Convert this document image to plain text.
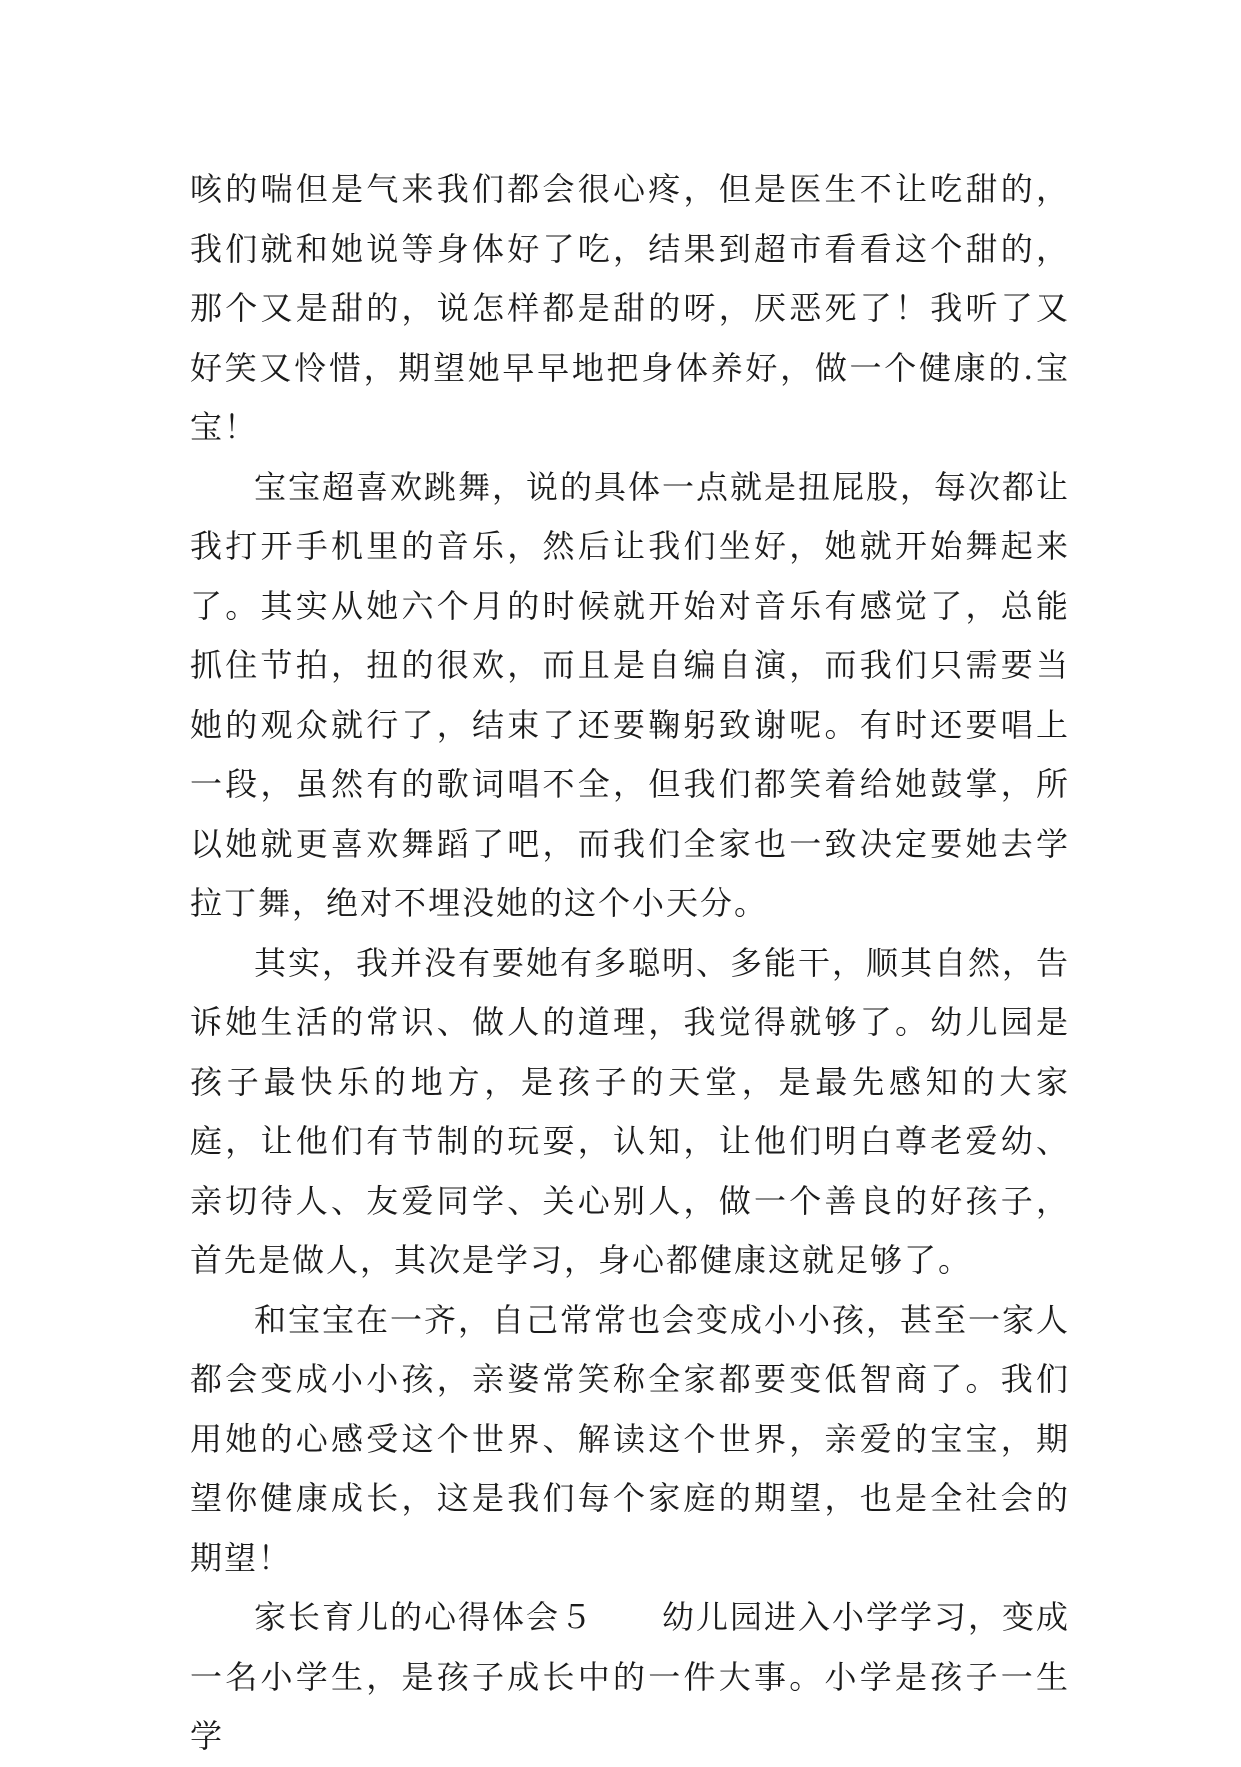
咳的喘但是气来我们都会很心疼，但是医生不让吃甜的，我们就和她说等身体好了吃，结果到超市看看这个甜的，那个又是甜的，说怎样都是甜的呀，厌恶死了！我听了又好笑又怜惜，期望她早早地把身体养好，做一个健康的.宝宝！

宝宝超喜欢跳舞，说的具体一点就是扭屁股，每次都让我打开手机里的音乐，然后让我们坐好，她就开始舞起来了。其实从她六个月的时候就开始对音乐有感觉了，总能抓住节拍，扭的很欢，而且是自编自演，而我们只需要当她的观众就行了，结束了还要鞠躬致谢呢。有时还要唱上一段，虽然有的歌词唱不全，但我们都笑着给她鼓掌，所以她就更喜欢舞蹈了吧，而我们全家也一致决定要她去学拉丁舞，绝对不埋没她的这个小天分。

其实，我并没有要她有多聪明、多能干，顺其自然，告诉她生活的常识、做人的道理，我觉得就够了。幼儿园是孩子最快乐的地方，是孩子的天堂，是最先感知的大家庭，让他们有节制的玩耍，认知，让他们明白尊老爱幼、亲切待人、友爱同学、关心别人，做一个善良的好孩子，首先是做人，其次是学习，身心都健康这就足够了。

和宝宝在一齐，自己常常也会变成小小孩，甚至一家人都会变成小小孩，亲婆常笑称全家都要变低智商了。我们用她的心感受这个世界、解读这个世界，亲爱的宝宝，期望你健康成长，这是我们每个家庭的期望，也是全社会的期望！

家长育儿的心得体会５　　幼儿园进入小学学习，变成一名小学生，是孩子成长中的一件大事。小学是孩子一生学
